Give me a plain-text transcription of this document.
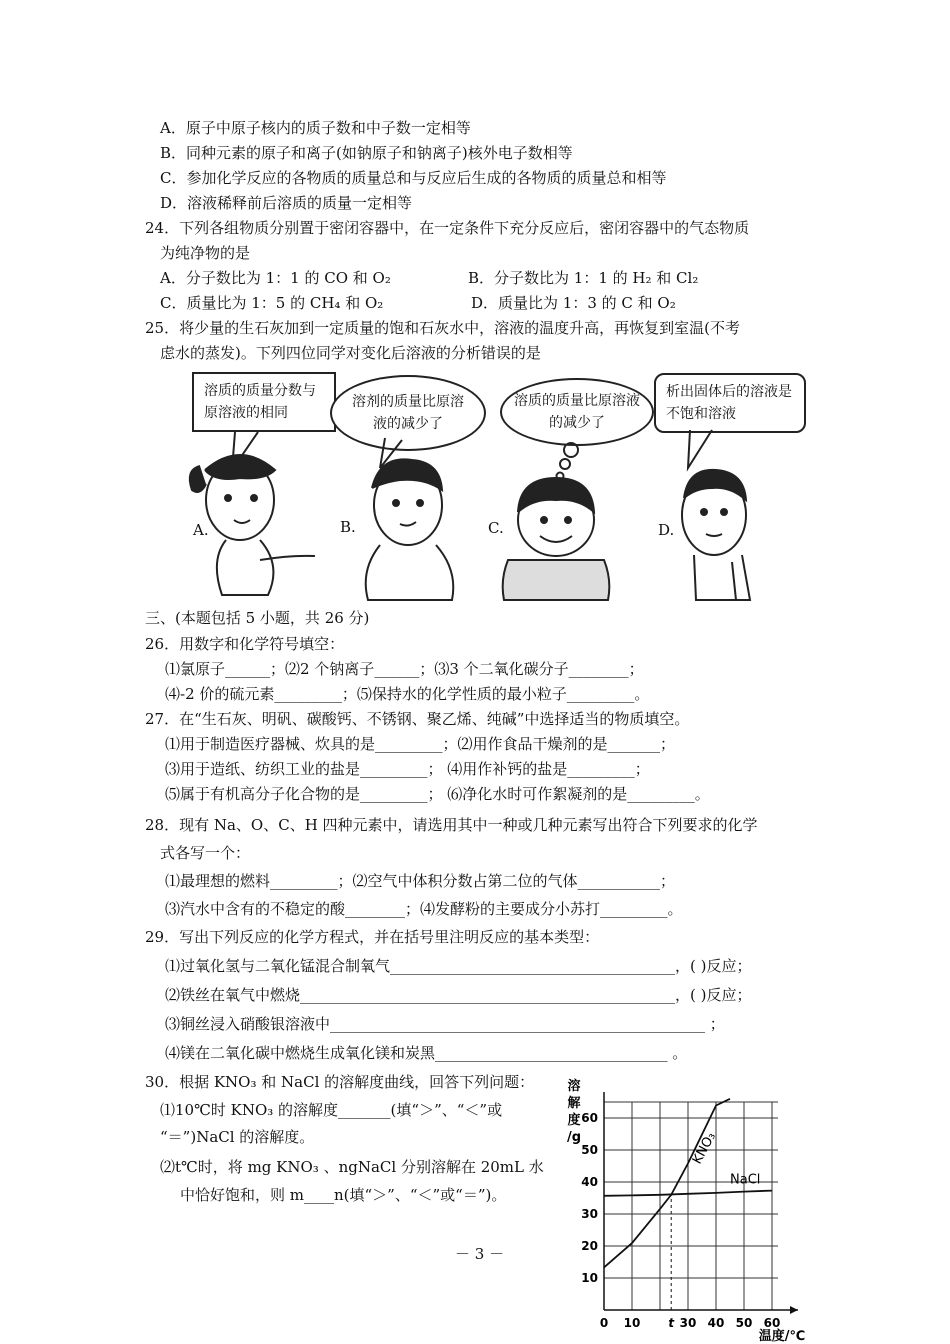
A．原子中原子核内的质子数和中子数一定相等
B．同种元素的原子和离子(如钠原子和钠离子)核外电子数相等
C．参加化学反应的各物质的质量总和与反应后生成的各物质的质量总和相等
D．溶液稀释前后溶质的质量一定相等
24．下列各组物质分别置于密闭容器中，在一定条件下充分反应后，密闭容器中的气态物质
为纯净物的是
A．分子数比为 1：1 的 CO 和 O₂	B．分子数比为 1：1 的 H₂ 和 Cl₂
C．质量比为 1：5 的 CH₄ 和 O₂	D．质量比为 1：3 的 C 和 O₂
25．将少量的生石灰加到一定质量的饱和石灰水中，溶液的温度升高，再恢复到室温(不考
虑水的蒸发)。下列四位同学对变化后溶液的分析错误的是
溶质的质量分数与原溶液的相同
溶剂的质量比原溶液的减少了
溶质的质量比原溶液的减少了
析出固体后的溶液是不饱和溶液
A.	B.	C.	D.
三、(本题包括 5 小题，共 26 分)
26．用数字和化学符号填空：
⑴氯原子______；⑵2 个钠离子______；⑶3 个二氧化碳分子________；
⑷-2 价的硫元素_________；⑸保持水的化学性质的最小粒子_________。
27．在“生石灰、明矾、碳酸钙、不锈钢、聚乙烯、纯碱”中选择适当的物质填空。
⑴用于制造医疗器械、炊具的是_________；⑵用作食品干燥剂的是_______；
⑶用于造纸、纺织工业的盐是_________； ⑷用作补钙的盐是_________；
⑸属于有机高分子化合物的是_________； ⑹净化水时可作絮凝剂的是_________。
28．现有 Na、O、C、H 四种元素中，请选用其中一种或几种元素写出符合下列要求的化学
式各写一个：
⑴最理想的燃料_________；⑵空气中体积分数占第二位的气体___________；
⑶汽水中含有的不稳定的酸________；⑷发酵粉的主要成分小苏打_________。
29．写出下列反应的化学方程式，并在括号里注明反应的基本类型：
⑴过氧化氢与二氧化锰混合制氧气______________________________________，( )反应；
⑵铁丝在氧气中燃烧__________________________________________________，( )反应；
⑶铜丝浸入硝酸银溶液中__________________________________________________ ；
⑷镁在二氧化碳中燃烧生成氧化镁和炭黑_______________________________ 。
30．根据 KNO₃ 和 NaCl 的溶解度曲线，回答下列问题：
⑴10℃时 KNO₃ 的溶解度_______(填“＞”、“＜”或
“＝”)NaCl 的溶解度。
⑵t℃时，将 mg KNO₃ 、ngNaCl 分别溶解在 20mL 水
中恰好饱和，则 m____n(填“＞”、“＜”或“＝”)。
－ 3 －
0 10 t 30 40 50 60
10
20
30
40
50
60
溶
解
度
/g
温度/℃
KNO₃
NaCl
